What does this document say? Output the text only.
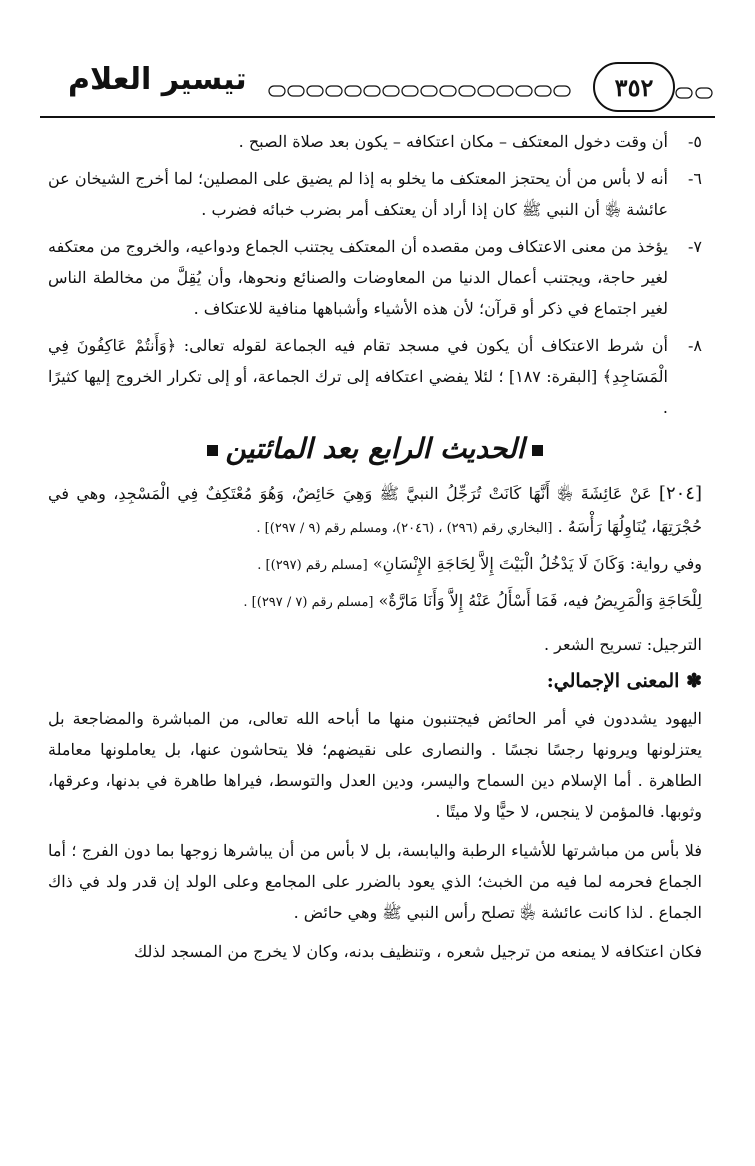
تيسير العلام	٣٥٢
٥-
أن وقت دخول المعتكف – مكان اعتكافه – يكون بعد صلاة الصبح .
٦-
أنه لا بأس من أن يحتجز المعتكف ما يخلو به إذا لم يضيق على المصلين؛ لما أخرج الشيخان عن عائشة ﵂ أن النبي ﷺ كان إذا أراد أن يعتكف أمر بضرب خبائه فضرب .
٧-
يؤخذ من معنى الاعتكاف ومن مقصده أن المعتكف يجتنب الجماع ودواعيه، والخروج من معتكفه لغير حاجة، ويجتنب أعمال الدنيا من المعاوضات والصنائع ونحوها، وأن يُقِلَّ من مخالطة الناس لغير اجتماع في ذكر أو قرآن؛ لأن هذه الأشياء وأشباهها منافية للاعتكاف .
٨-
أن شرط الاعتكاف أن يكون في مسجد تقام فيه الجماعة لقوله تعالى: ﴿وَأَنتُمْ عَاكِفُونَ فِي الْمَسَاجِدِ﴾ [البقرة: ١٨٧] ؛ لئلا يفضي اعتكافه إلى ترك الجماعة، أو إلى تكرار الخروج إليها كثيرًا .
الحديث الرابع بعد المائتين
[٢٠٤] عَنْ عَائِشَةَ ﵂ أَنَّهَا كَانَتْ تُرَجِّلُ النبيَّ ﷺ وَهِيَ حَائِضٌ، وَهُوَ مُعْتَكِفٌ فِي الْمَسْجِدِ، وهي في حُجْرَتِهَا، يُنَاوِلُهَا رَأْسَهُ . [البخاري رقم (٢٩٦) ، (٢٠٤٦)، ومسلم رقم (٩ / ٢٩٧)] .
وفي رواية: وَكَانَ لَا يَدْخُلُ الْبَيْتَ إِلاَّ لِحَاجَةِ الإِنْسَانِ» [مسلم رقم (٢٩٧)] .
لِلْحَاجَةِ وَالْمَرِيضُ فيه، فَمَا أَسْأَلُ عَنْهُ إِلاَّ وَأَنَا مَارَّةٌ» [مسلم رقم (٧ / ٢٩٧)] .
الترجيل: تسريح الشعر .
✽ المعنى الإجمالي:
اليهود يشددون في أمر الحائض فيجتنبون منها ما أباحه الله تعالى، من المباشرة والمضاجعة بل يعتزلونها ويرونها رجسًا نجسًا . والنصارى على نقيضهم؛ فلا يتحاشون عنها، بل يعاملونها معاملة الطاهرة . أما الإسلام دين السماح واليسر، ودين العدل والتوسط، فيراها طاهرة في بدنها، وعرقها، وثوبها. فالمؤمن لا ينجس، لا حيًّا ولا ميتًا .
فلا بأس من مباشرتها للأشياء الرطبة واليابسة، بل لا بأس من أن يباشرها زوجها بما دون الفرج ؛ أما الجماع فحرمه لما فيه من الخبث؛ الذي يعود بالضرر على المجامع وعلى الولد إن قدر ولد في ذاك الجماع . لذا كانت عائشة ﵂ تصلح رأس النبي ﷺ وهي حائض .
فكان اعتكافه لا يمنعه من ترجيل شعره ، وتنظيف بدنه، وكان لا يخرج من المسجد لذلك
